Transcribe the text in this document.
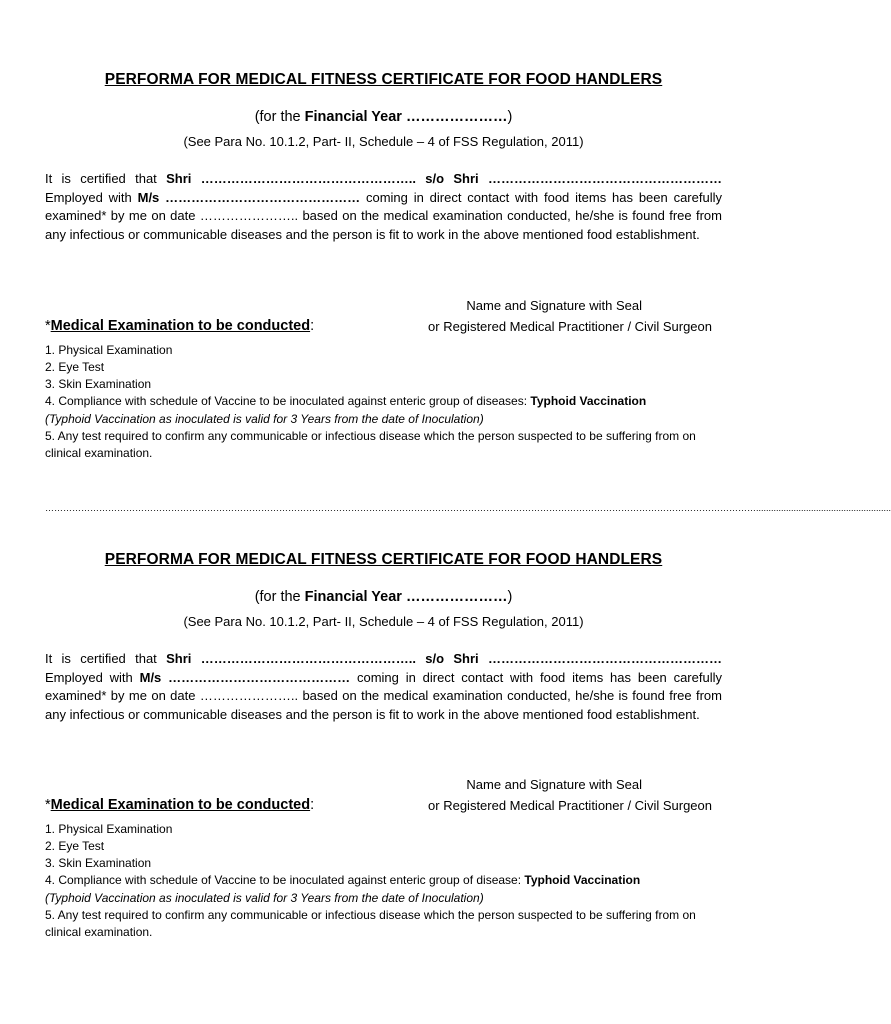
PERFORMA FOR MEDICAL FITNESS CERTIFICATE FOR FOOD HANDLERS

(for the Financial Year …………………)
(See Para No. 10.1.2, Part- II, Schedule – 4 of FSS Regulation, 2011)
It is certified that Shri ………………………………………….. s/o Shri ……………………………………………… Employed with M/s ……………………………………… coming in direct contact with food items has been carefully examined* by me on date ………………….. based on the medical examination conducted, he/she is found free from any infectious or communicable diseases and the person is fit to work in the above mentioned food establishment.
*Medical Examination to be conducted:
Name and Signature with Seal
or Registered Medical Practitioner / Civil Surgeon
1. Physical Examination
2. Eye Test
3. Skin Examination
4. Compliance with schedule of Vaccine to be inoculated against enteric group of diseases: Typhoid Vaccination
(Typhoid Vaccination as inoculated is valid for 3 Years from the date of Inoculation)
5. Any test required to confirm any communicable or infectious disease which the person suspected to be suffering from on clinical examination.
…………………………………………………………………………………………………………………………………………………………………………………………………………………......................................................

PERFORMA FOR MEDICAL FITNESS CERTIFICATE FOR FOOD HANDLERS

(for the Financial Year …………………)
(See Para No. 10.1.2, Part- II, Schedule – 4 of FSS Regulation, 2011)
It is certified that Shri ………………………………………….. s/o Shri ……………………………………………… Employed with M/s …………………………………… coming in direct contact with food items has been carefully examined* by me on date ………………….. based on the medical examination conducted, he/she is found free from any infectious or communicable diseases and the person is fit to work in the above mentioned food establishment.
*Medical Examination to be conducted:
Name and Signature with Seal
or Registered Medical Practitioner / Civil Surgeon
1. Physical Examination
2. Eye Test
3. Skin Examination
4. Compliance with schedule of Vaccine to be inoculated against enteric group of disease: Typhoid Vaccination
(Typhoid Vaccination as inoculated is valid for 3 Years from the date of Inoculation)
5. Any test required to confirm any communicable or infectious disease which the person suspected to be suffering from on clinical examination.
